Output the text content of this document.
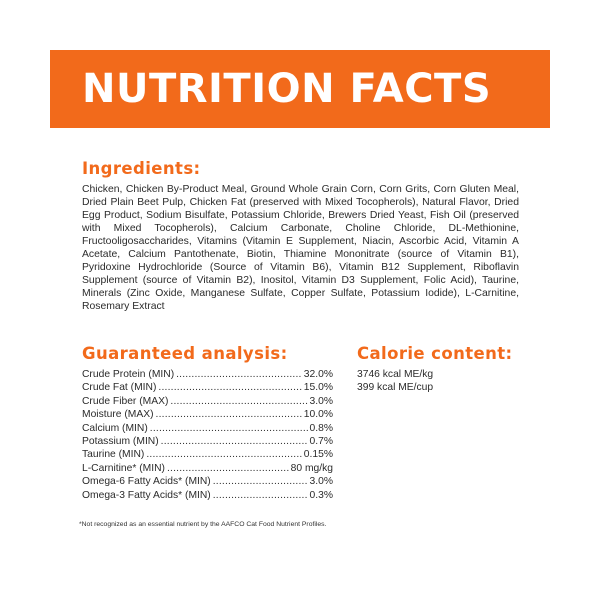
NUTRITION FACTS
Ingredients:

Chicken, Chicken By-Product Meal, Ground Whole Grain Corn, Corn Grits, Corn Gluten Meal, Dried Plain Beet Pulp, Chicken Fat (preserved with Mixed Tocopherols), Natural Flavor, Dried Egg Product, Sodium Bisulfate, Potassium Chloride, Brewers Dried Yeast, Fish Oil (preserved with Mixed Tocopherols), Calcium Carbonate, Choline Chloride, DL-Methionine, Fructooligosaccharides, Vitamins (Vitamin E Supplement, Niacin, Ascorbic Acid, Vitamin A Acetate, Calcium Pantothenate, Biotin, Thiamine Mononitrate (source of Vitamin B1), Pyridoxine Hydrochloride (Source of Vitamin B6), Vitamin B12 Supplement, Riboflavin Supplement (source of Vitamin B2), Inositol, Vitamin D3 Supplement, Folic Acid), Taurine, Minerals (Zinc Oxide, Manganese Sulfate, Copper Sulfate, Potassium Iodide), L-Carnitine, Rosemary Extract

Guaranteed analysis:
Crude Protein (MIN) .....	32.0%
Crude Fat (MIN) .....	15.0%
Crude Fiber (MAX) .....	3.0%
Moisture (MAX) .....	10.0%
Calcium (MIN) .....	0.8%
Potassium (MIN) .....	0.7%
Taurine (MIN) .....	0.15%
L-Carnitine* (MIN) .....	80 mg/kg
Omega-6 Fatty Acids* (MIN) .....	3.0%
Omega-3 Fatty Acids* (MIN) .....	0.3%
Calorie content:
3746 kcal ME/kg
399 kcal ME/cup
*Not recognized as an essential nutrient by the AAFCO Cat Food Nutrient Profiles.
